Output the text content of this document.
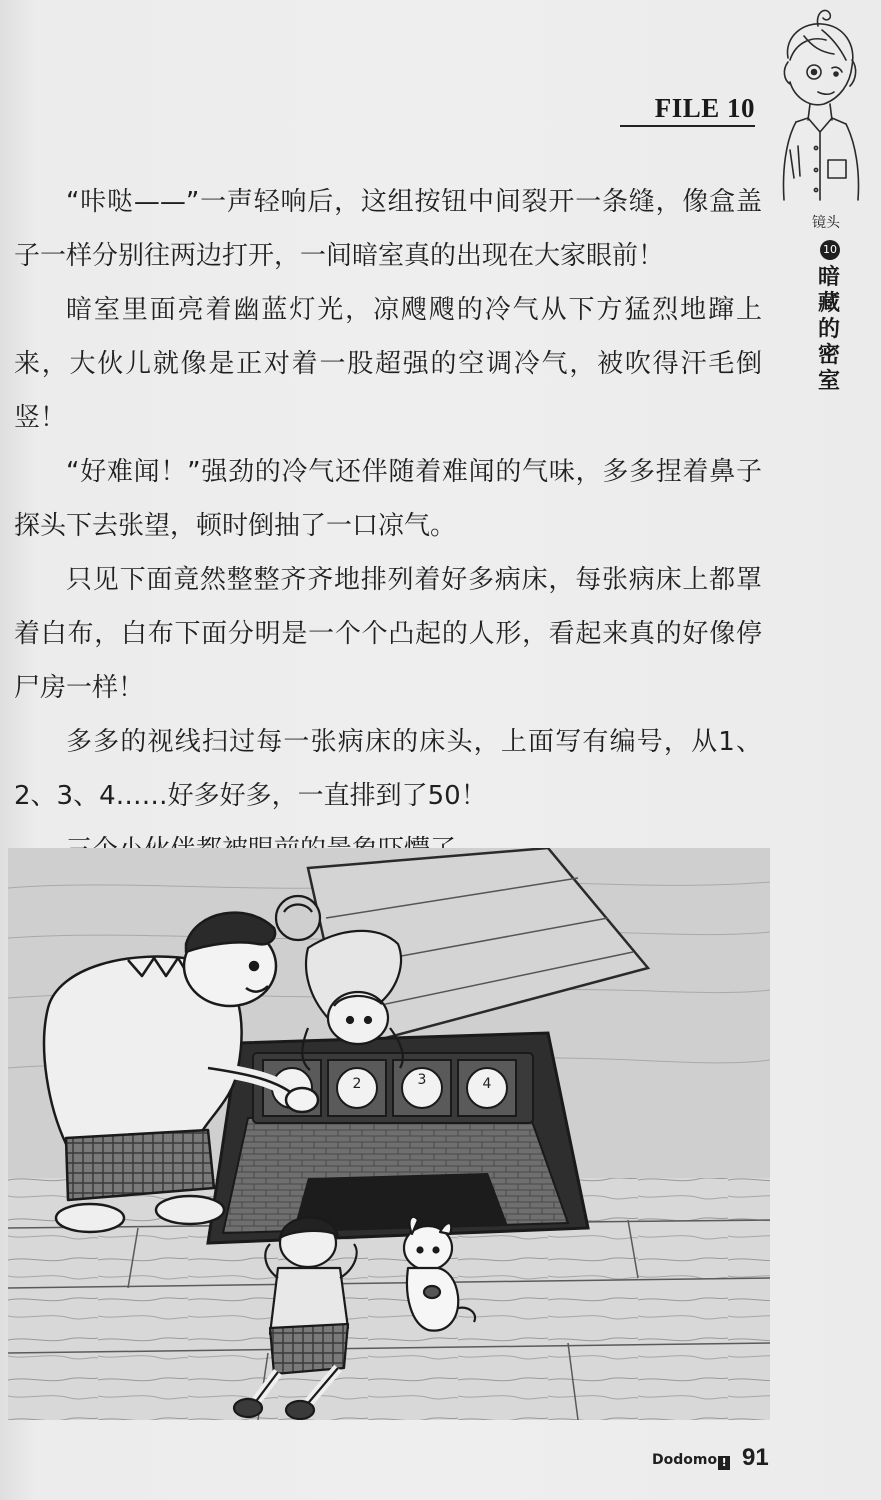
FILE 10
镜头
10
暗藏的密室

“咔哒——”一声轻响后，这组按钮中间裂开一条缝，像盒盖子一样分别往两边打开，一间暗室真的出现在大家眼前！

暗室里面亮着幽蓝灯光，凉飕飕的冷气从下方猛烈地蹿上来，大伙儿就像是正对着一股超强的空调冷气，被吹得汗毛倒竖！

“好难闻！”强劲的冷气还伴随着难闻的气味，多多捏着鼻子探头下去张望，顿时倒抽了一口凉气。

只见下面竟然整整齐齐地排列着好多病床，每张病床上都罩着白布，白布下面分明是一个个凸起的人形，看起来真的好像停尸房一样！

多多的视线扫过每一张病床的床头，上面写有编号，从1、2、3、4……好多好多，一直排到了50！

2	3	4
Dodomo ! 91
